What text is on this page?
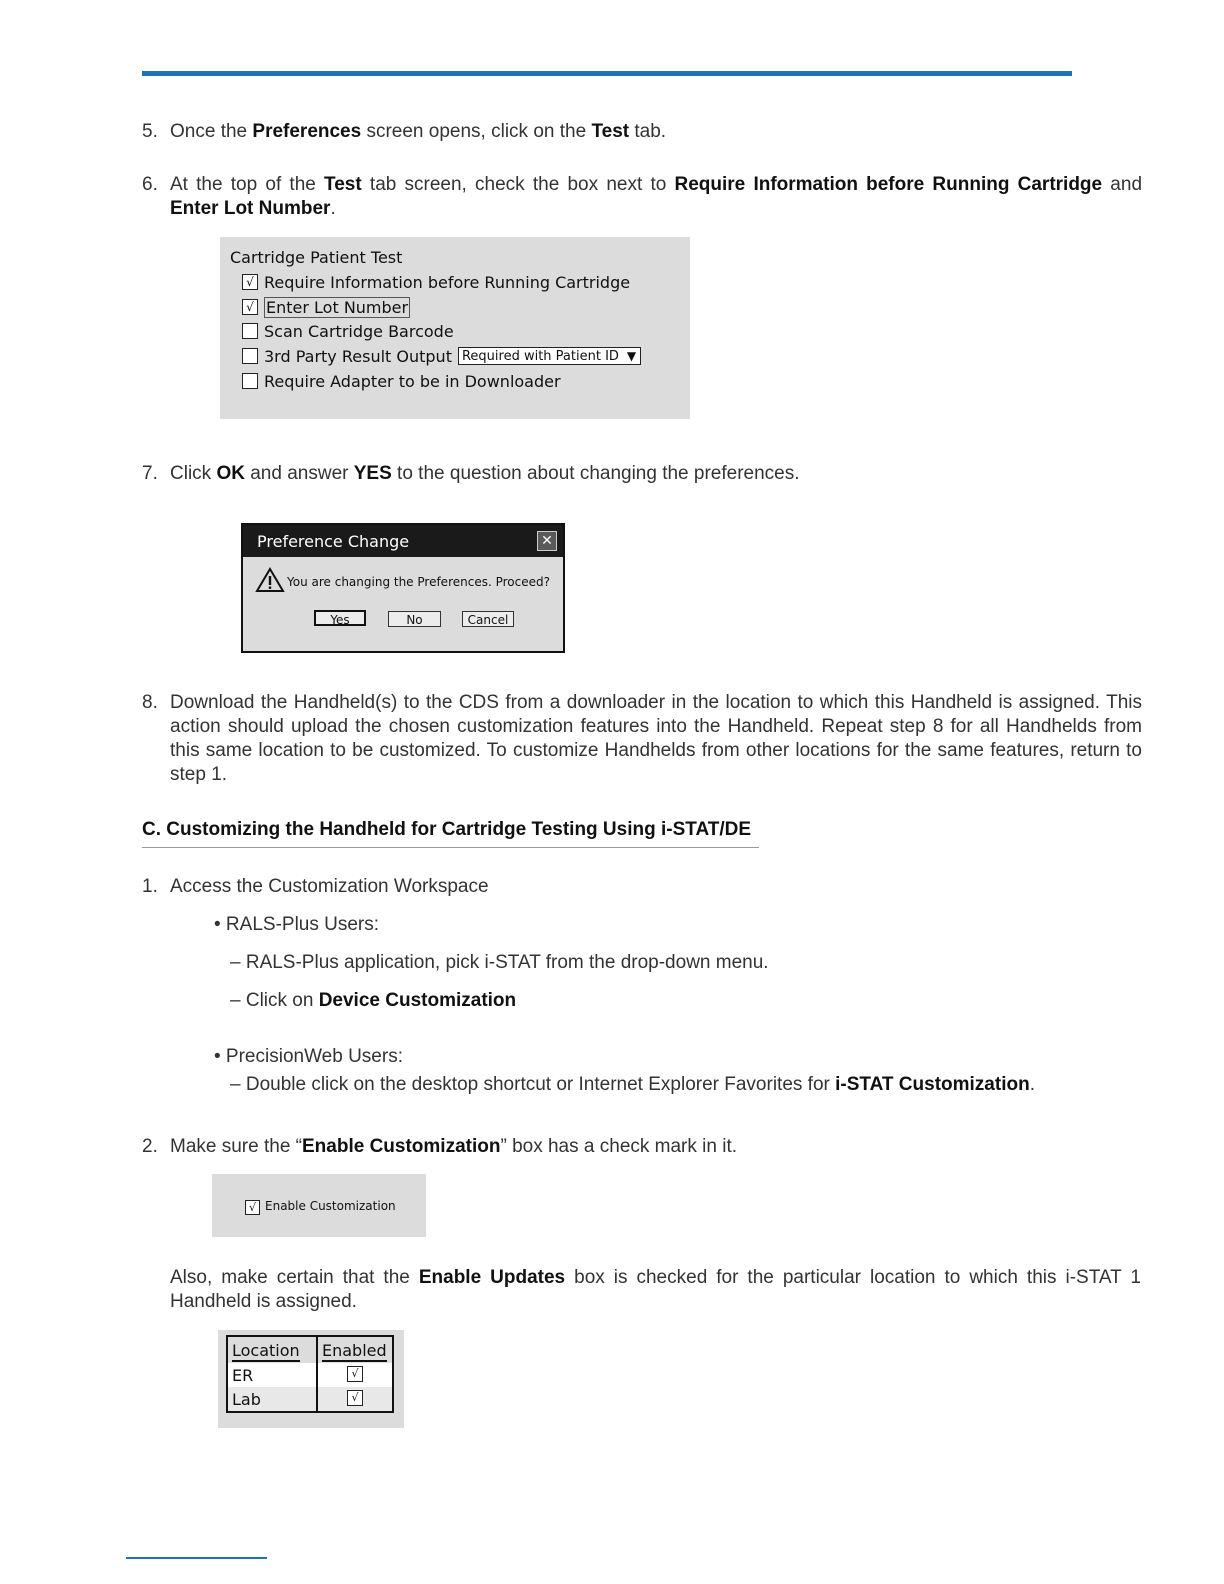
5. Once the Preferences screen opens, click on the Test tab.
6. At the top of the Test tab screen, check the box next to Require Information before Running Cartridge and Enter Lot Number.
Cartridge Patient Test
√ Require Information before Running Cartridge
√ Enter Lot Number
Scan Cartridge Barcode
3rd Party Result Output Required with Patient ID ▼
Require Adapter to be in Downloader
7. Click OK and answer YES to the question about changing the preferences.
Preference Change	✕
You are changing the Preferences. Proceed?
Yes	No	Cancel
8. Download the Handheld(s) to the CDS from a downloader in the location to which this Handheld is assigned. This action should upload the chosen customization features into the Handheld. Repeat step 8 for all Handhelds from this same location to be customized. To customize Handhelds from other locations for the same features, return to step 1.
C. Customizing the Handheld for Cartridge Testing Using i-STAT/DE
1. Access the Customization Workspace
• RALS-Plus Users:
– RALS-Plus application, pick i-STAT from the drop-down menu.
– Click on Device Customization
• PrecisionWeb Users:
– Double click on the desktop shortcut or Internet Explorer Favorites for i-STAT Customization.
2. Make sure the “Enable Customization” box has a check mark in it.
√ Enable Customization
Also, make certain that the Enable Updates box is checked for the particular location to which this i-STAT 1 Handheld is assigned.
Location	Enabled
ER	√
Lab	√
